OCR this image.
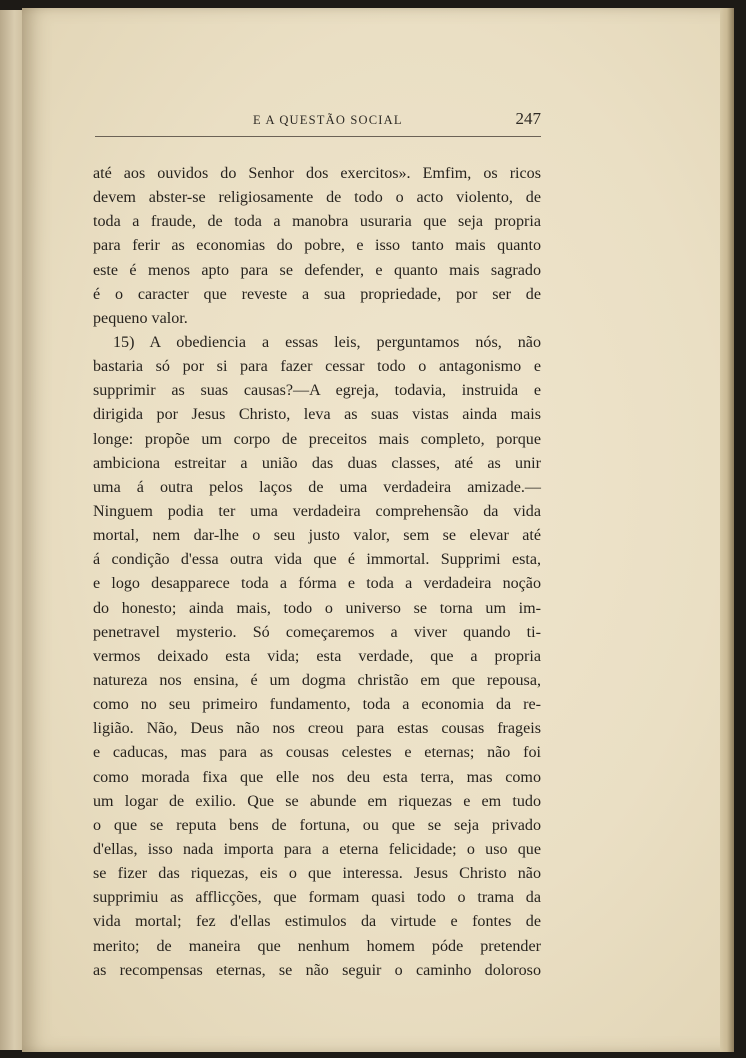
E A QUESTÃO SOCIAL	247
até aos ouvidos do Senhor dos exercitos». Emfim, os ricos
devem abster-se religiosamente de todo o acto violento, de
toda a fraude, de toda a manobra usuraria que seja propria
para ferir as economias do pobre, e isso tanto mais quanto
este é menos apto para se defender, e quanto mais sagrado
é o caracter que reveste a sua propriedade, por ser de
pequeno valor.
15) A obediencia a essas leis, perguntamos nós, não
bastaria só por si para fazer cessar todo o antagonismo e
supprimir as suas causas?—A egreja, todavia, instruida e
dirigida por Jesus Christo, leva as suas vistas ainda mais
longe: propõe um corpo de preceitos mais completo, porque
ambiciona estreitar a união das duas classes, até as unir
uma á outra pelos laços de uma verdadeira amizade.—
Ninguem podia ter uma verdadeira comprehensão da vida
mortal, nem dar-lhe o seu justo valor, sem se elevar até
á condição d'essa outra vida que é immortal. Supprimi esta,
e logo desapparece toda a fórma e toda a verdadeira noção
do honesto; ainda mais, todo o universo se torna um im-
penetravel mysterio. Só começaremos a viver quando ti-
vermos deixado esta vida; esta verdade, que a propria
natureza nos ensina, é um dogma christão em que repousa,
como no seu primeiro fundamento, toda a economia da re-
ligião. Não, Deus não nos creou para estas cousas frageis
e caducas, mas para as cousas celestes e eternas; não foi
como morada fixa que elle nos deu esta terra, mas como
um logar de exilio. Que se abunde em riquezas e em tudo
o que se reputa bens de fortuna, ou que se seja privado
d'ellas, isso nada importa para a eterna felicidade; o uso que
se fizer das riquezas, eis o que interessa. Jesus Christo não
supprimiu as afflicções, que formam quasi todo o trama da
vida mortal; fez d'ellas estimulos da virtude e fontes de
merito; de maneira que nenhum homem póde pretender
as recompensas eternas, se não seguir o caminho doloroso
